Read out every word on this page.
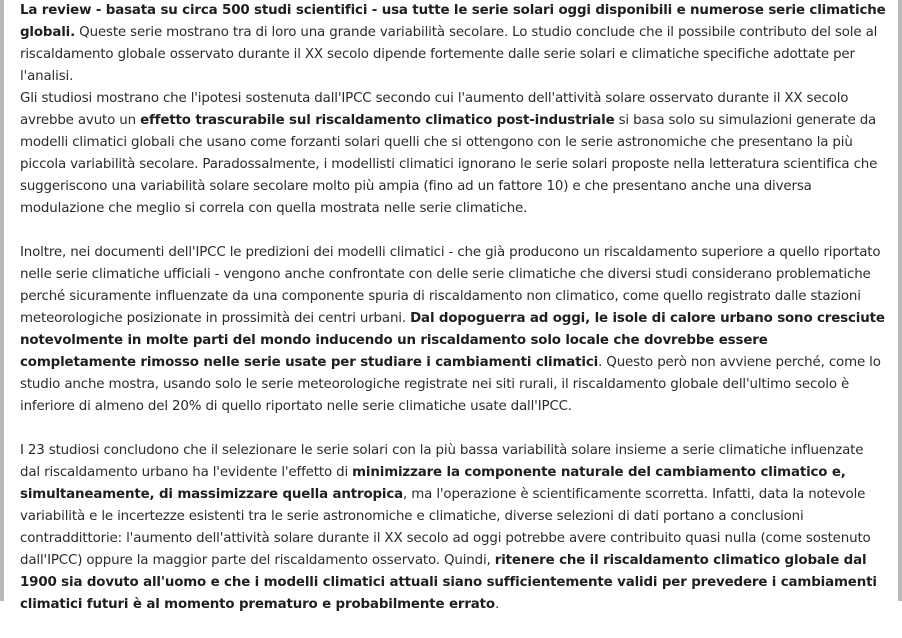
La review - basata su circa 500 studi scientifici - usa tutte le serie solari oggi disponibili e numerose serie climatiche globali. Queste serie mostrano tra di loro una grande variabilità secolare. Lo studio conclude che il possibile contributo del sole al riscaldamento globale osservato durante il XX secolo dipende fortemente dalle serie solari e climatiche specifiche adottate per l'analisi.
Gli studiosi mostrano che l'ipotesi sostenuta dall'IPCC secondo cui l'aumento dell'attività solare osservato durante il XX secolo avrebbe avuto un effetto trascurabile sul riscaldamento climatico post-industriale si basa solo su simulazioni generate da modelli climatici globali che usano come forzanti solari quelli che si ottengono con le serie astronomiche che presentano la più piccola variabilità secolare. Paradossalmente, i modellisti climatici ignorano le serie solari proposte nella letteratura scientifica che suggeriscono una variabilità solare secolare molto più ampia (fino ad un fattore 10) e che presentano anche una diversa modulazione che meglio si correla con quella mostrata nelle serie climatiche.

Inoltre, nei documenti dell'IPCC le predizioni dei modelli climatici - che già producono un riscaldamento superiore a quello riportato nelle serie climatiche ufficiali - vengono anche confrontate con delle serie climatiche che diversi studi considerano problematiche perché sicuramente influenzate da una componente spuria di riscaldamento non climatico, come quello registrato dalle stazioni meteorologiche posizionate in prossimità dei centri urbani. Dal dopoguerra ad oggi, le isole di calore urbano sono cresciute notevolmente in molte parti del mondo inducendo un riscaldamento solo locale che dovrebbe essere completamente rimosso nelle serie usate per studiare i cambiamenti climatici. Questo però non avviene perché, come lo studio anche mostra, usando solo le serie meteorologiche registrate nei siti rurali, il riscaldamento globale dell'ultimo secolo è inferiore di almeno del 20% di quello riportato nelle serie climatiche usate dall'IPCC.

I 23 studiosi concludono che il selezionare le serie solari con la più bassa variabilità solare insieme a serie climatiche influenzate dal riscaldamento urbano ha l'evidente l'effetto di minimizzare la componente naturale del cambiamento climatico e, simultaneamente, di massimizzare quella antropica, ma l'operazione è scientificamente scorretta. Infatti, data la notevole variabilità e le incertezze esistenti tra le serie astronomiche e climatiche, diverse selezioni di dati portano a conclusioni contraddittorie: l'aumento dell'attività solare durante il XX secolo ad oggi potrebbe avere contribuito quasi nulla (come sostenuto dall'IPCC) oppure la maggior parte del riscaldamento osservato. Quindi, ritenere che il riscaldamento climatico globale dal 1900 sia dovuto all'uomo e che i modelli climatici attuali siano sufficientemente validi per prevedere i cambiamenti climatici futuri è al momento prematuro e probabilmente errato.
